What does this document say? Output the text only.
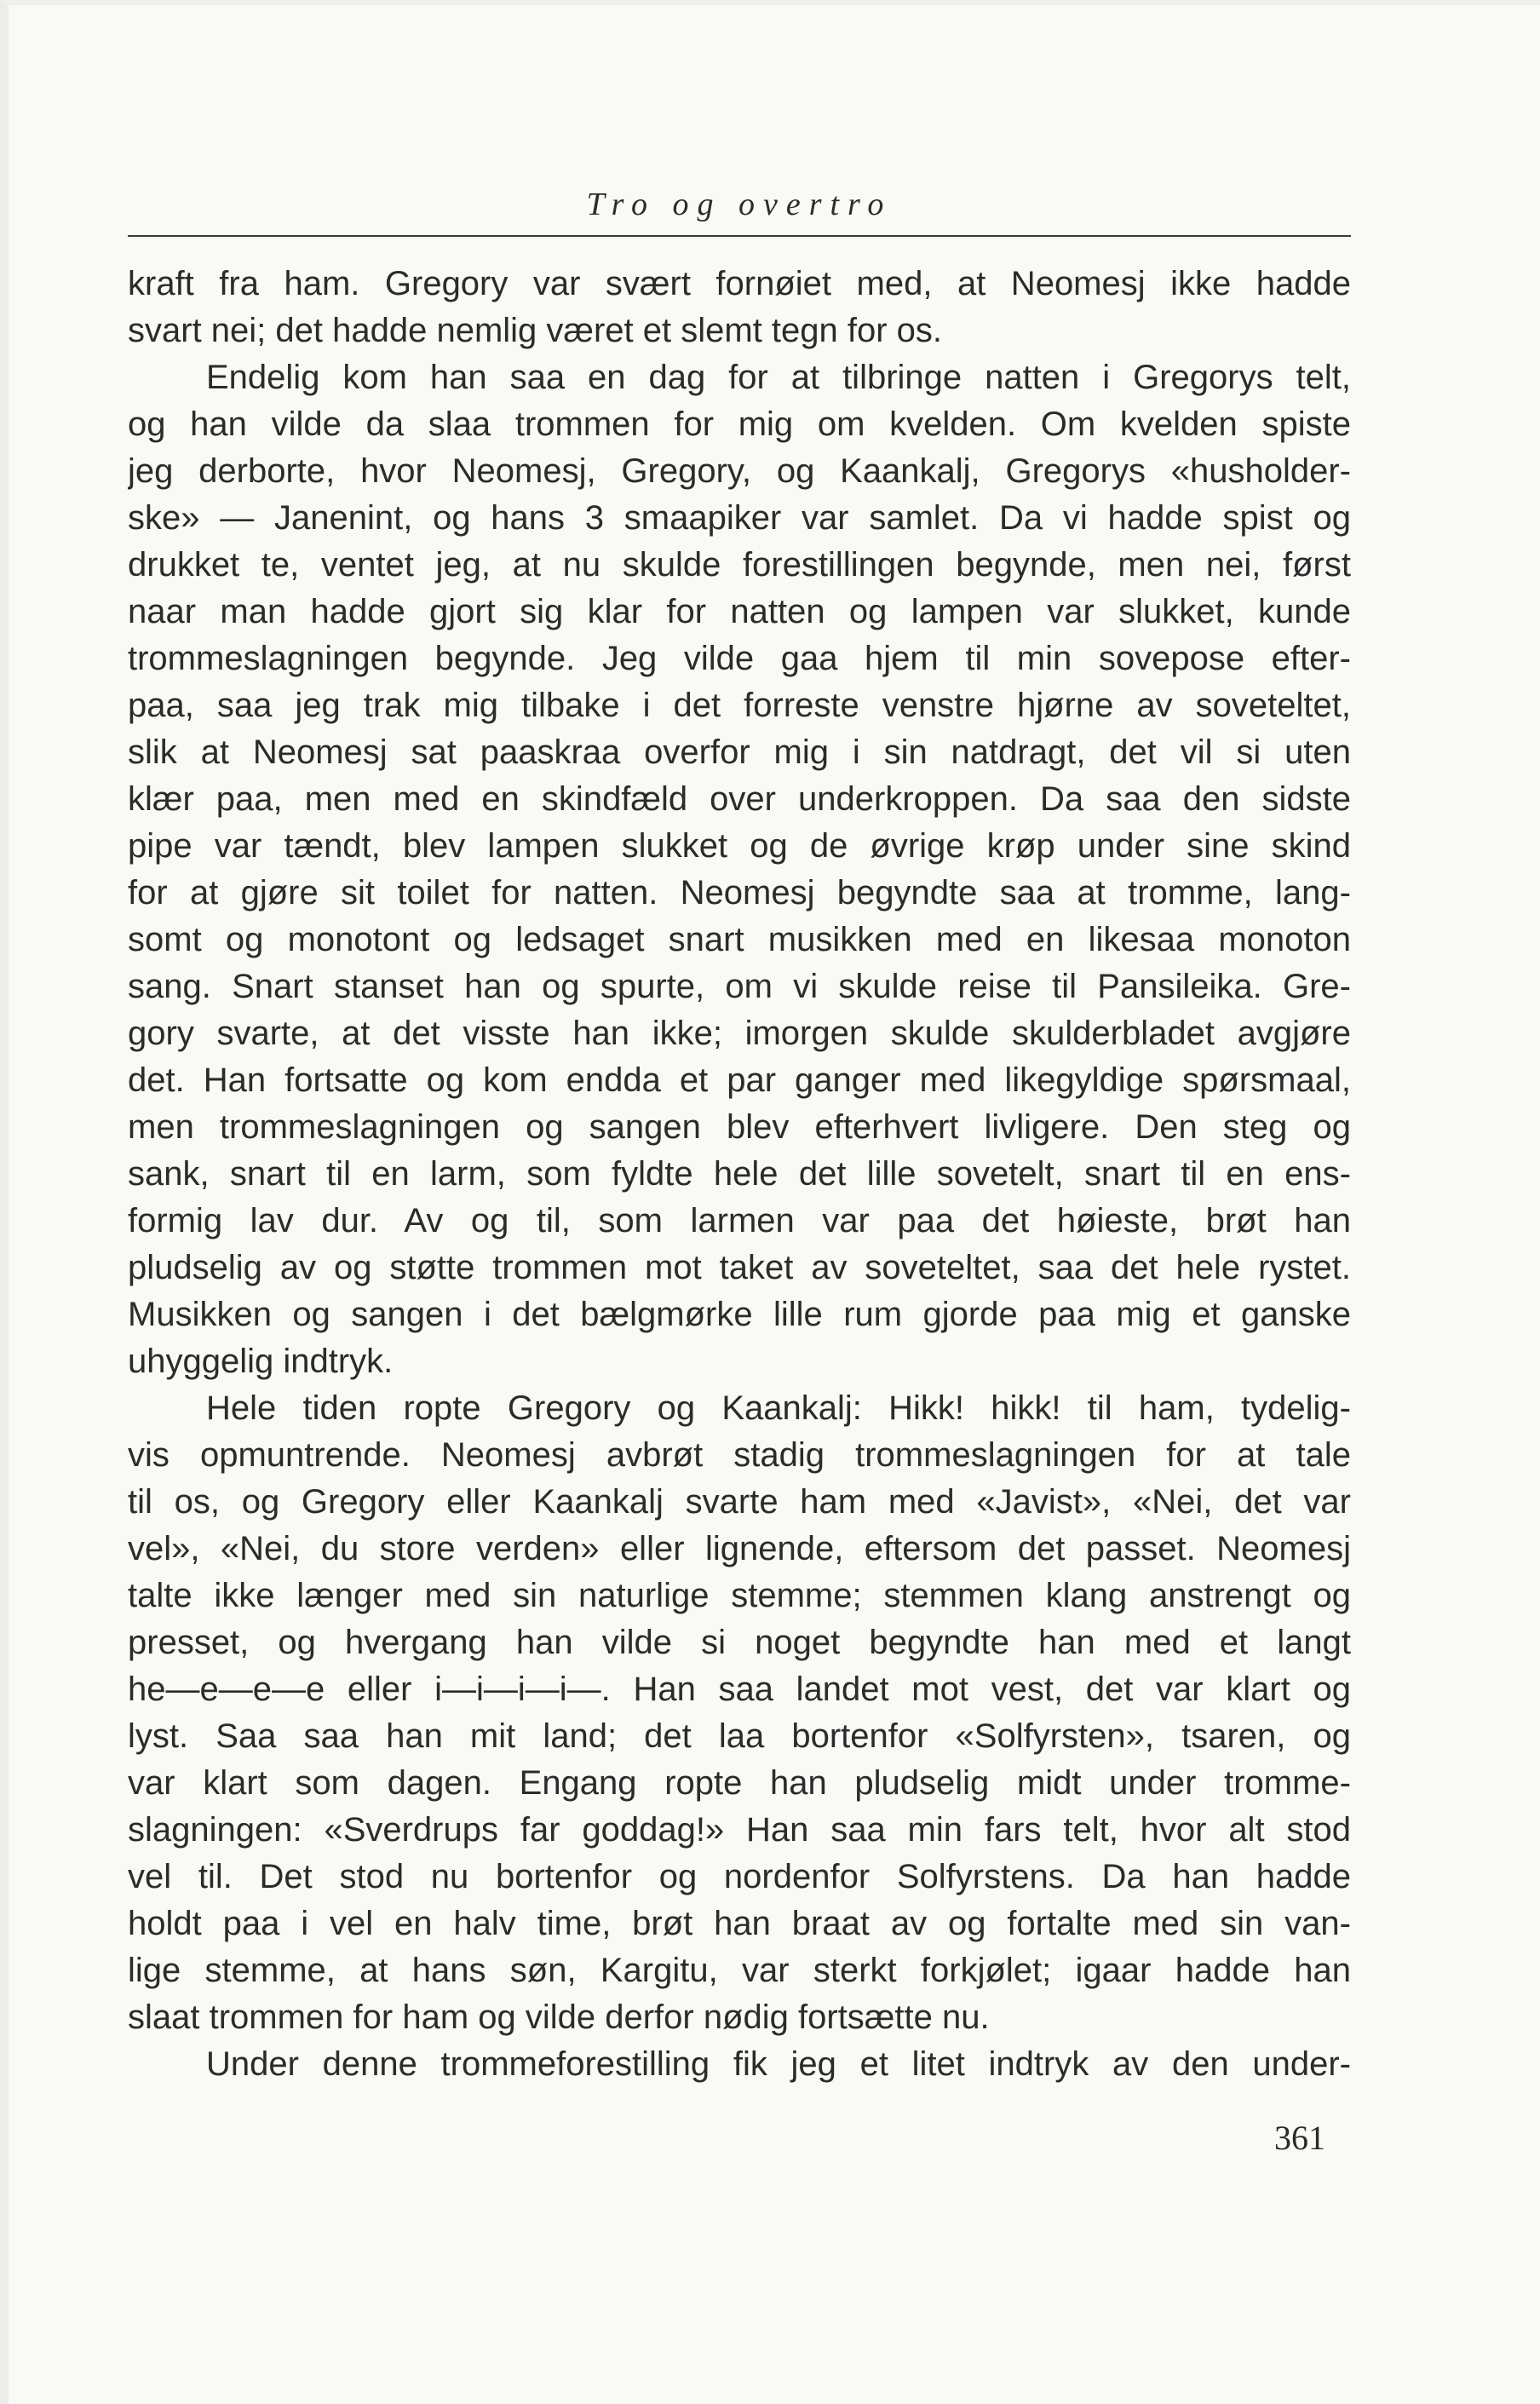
Tro og overtro
kraft fra ham. Gregory var svært fornøiet med, at Neomesj ikke hadde
svart nei; det hadde nemlig været et slemt tegn for os.
Endelig kom han saa en dag for at tilbringe natten i Gregorys telt,
og han vilde da slaa trommen for mig om kvelden. Om kvelden spiste
jeg derborte, hvor Neomesj, Gregory, og Kaankalj, Gregorys «husholder-
ske» — Janenint, og hans 3 smaapiker var samlet. Da vi hadde spist og
drukket te, ventet jeg, at nu skulde forestillingen begynde, men nei, først
naar man hadde gjort sig klar for natten og lampen var slukket, kunde
trommeslagningen begynde. Jeg vilde gaa hjem til min sovepose efter-
paa, saa jeg trak mig tilbake i det forreste venstre hjørne av soveteltet,
slik at Neomesj sat paaskraa overfor mig i sin natdragt, det vil si uten
klær paa, men med en skindfæld over underkroppen. Da saa den sidste
pipe var tændt, blev lampen slukket og de øvrige krøp under sine skind
for at gjøre sit toilet for natten. Neomesj begyndte saa at tromme, lang-
somt og monotont og ledsaget snart musikken med en likesaa monoton
sang. Snart stanset han og spurte, om vi skulde reise til Pansileika. Gre-
gory svarte, at det visste han ikke; imorgen skulde skulderbladet avgjøre
det. Han fortsatte og kom endda et par ganger med likegyldige spørsmaal,
men trommeslagningen og sangen blev efterhvert livligere. Den steg og
sank, snart til en larm, som fyldte hele det lille sovetelt, snart til en ens-
formig lav dur. Av og til, som larmen var paa det høieste, brøt han
pludselig av og støtte trommen mot taket av soveteltet, saa det hele rystet.
Musikken og sangen i det bælgmørke lille rum gjorde paa mig et ganske
uhyggelig indtryk.
Hele tiden ropte Gregory og Kaankalj: Hikk! hikk! til ham, tydelig-
vis opmuntrende. Neomesj avbrøt stadig trommeslagningen for at tale
til os, og Gregory eller Kaankalj svarte ham med «Javist», «Nei, det var
vel», «Nei, du store verden» eller lignende, eftersom det passet. Neomesj
talte ikke længer med sin naturlige stemme; stemmen klang anstrengt og
presset, og hvergang han vilde si noget begyndte han med et langt
he—e—e—e eller i—i—i—i—. Han saa landet mot vest, det var klart og
lyst. Saa saa han mit land; det laa bortenfor «Solfyrsten», tsaren, og
var klart som dagen. Engang ropte han pludselig midt under tromme-
slagningen: «Sverdrups far goddag!» Han saa min fars telt, hvor alt stod
vel til. Det stod nu bortenfor og nordenfor Solfyrstens. Da han hadde
holdt paa i vel en halv time, brøt han braat av og fortalte med sin van-
lige stemme, at hans søn, Kargitu, var sterkt forkjølet; igaar hadde han
slaat trommen for ham og vilde derfor nødig fortsætte nu.
Under denne trommeforestilling fik jeg et litet indtryk av den under-
361
